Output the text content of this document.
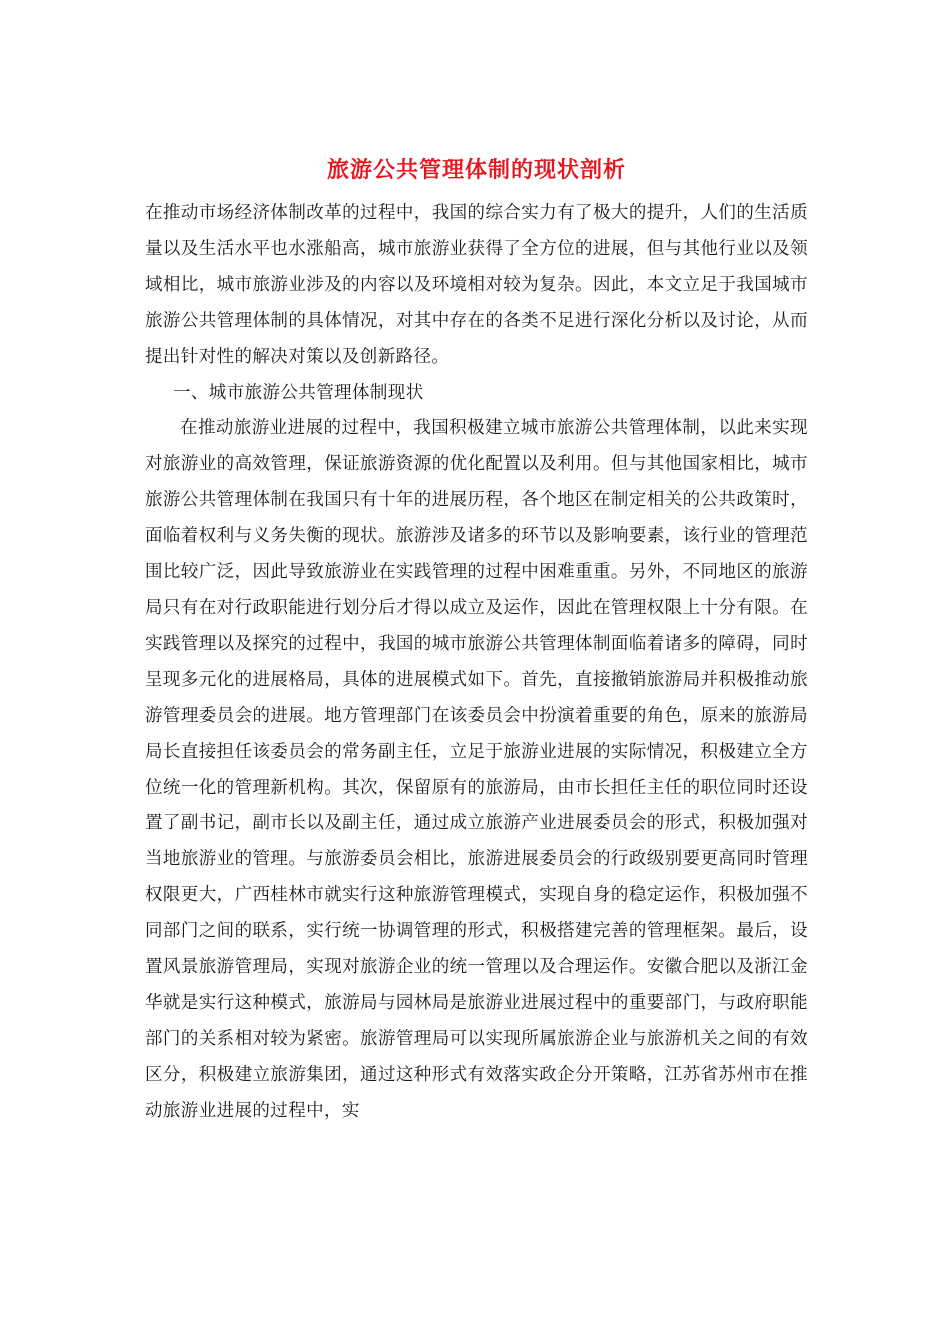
旅游公共管理体制的现状剖析

在推动市场经济体制改革的过程中，我国的综合实力有了极大的提升，人们的生活质量以及生活水平也水涨船高，城市旅游业获得了全方位的进展，但与其他行业以及领域相比，城市旅游业涉及的内容以及环境相对较为复杂。因此，本文立足于我国城市旅游公共管理体制的具体情况，对其中存在的各类不足进行深化分析以及讨论，从而提出针对性的解决对策以及创新路径。

一、城市旅游公共管理体制现状

在推动旅游业进展的过程中，我国积极建立城市旅游公共管理体制，以此来实现对旅游业的高效管理，保证旅游资源的优化配置以及利用。但与其他国家相比，城市旅游公共管理体制在我国只有十年的进展历程，各个地区在制定相关的公共政策时，面临着权利与义务失衡的现状。旅游涉及诸多的环节以及影响要素，该行业的管理范围比较广泛，因此导致旅游业在实践管理的过程中困难重重。另外，不同地区的旅游局只有在对行政职能进行划分后才得以成立及运作，因此在管理权限上十分有限。在实践管理以及探究的过程中，我国的城市旅游公共管理体制面临着诸多的障碍，同时呈现多元化的进展格局，具体的进展模式如下。首先，直接撤销旅游局并积极推动旅游管理委员会的进展。地方管理部门在该委员会中扮演着重要的角色，原来的旅游局局长直接担任该委员会的常务副主任，立足于旅游业进展的实际情况，积极建立全方位统一化的管理新机构。其次，保留原有的旅游局，由市长担任主任的职位同时还设置了副书记，副市长以及副主任，通过成立旅游产业进展委员会的形式，积极加强对当地旅游业的管理。与旅游委员会相比，旅游进展委员会的行政级别要更高同时管理权限更大，广西桂林市就实行这种旅游管理模式，实现自身的稳定运作，积极加强不同部门之间的联系，实行统一协调管理的形式，积极搭建完善的管理框架。最后，设置风景旅游管理局，实现对旅游企业的统一管理以及合理运作。安徽合肥以及浙江金华就是实行这种模式，旅游局与园林局是旅游业进展过程中的重要部门，与政府职能部门的关系相对较为紧密。旅游管理局可以实现所属旅游企业与旅游机关之间的有效区分，积极建立旅游集团，通过这种形式有效落实政企分开策略，江苏省苏州市在推动旅游业进展的过程中，实
